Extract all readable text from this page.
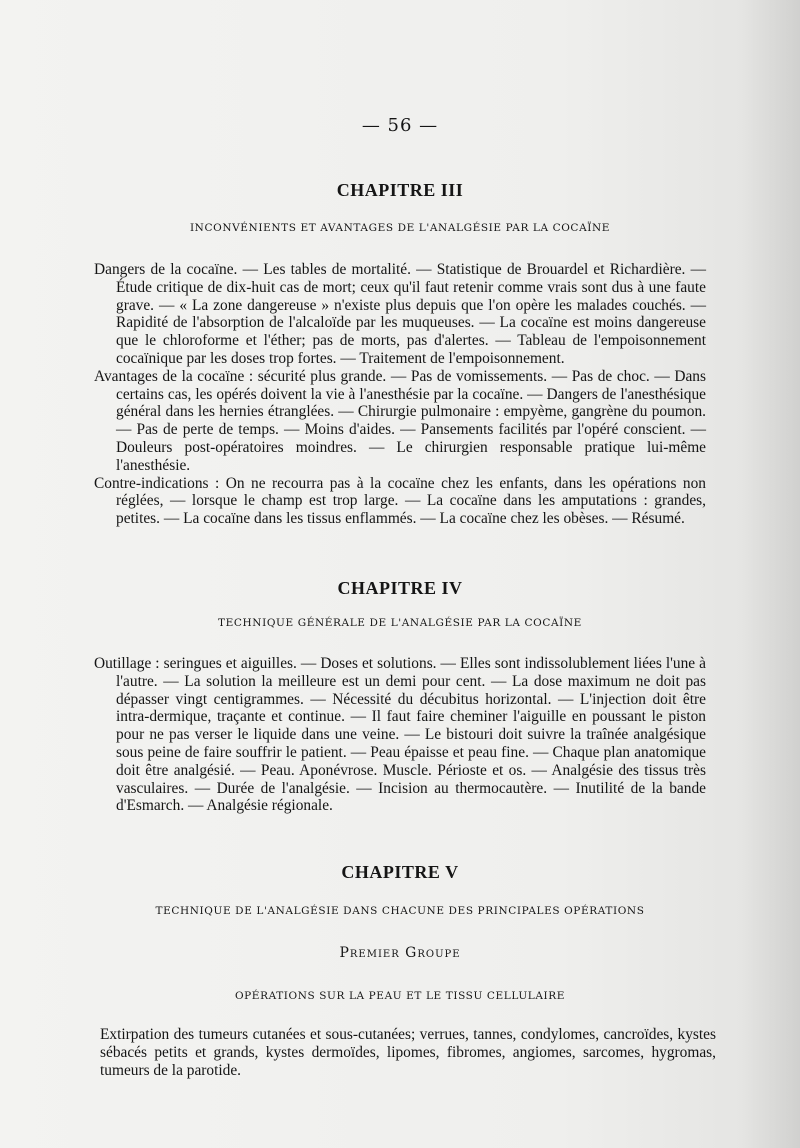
— 56 —
CHAPITRE III
INCONVÉNIENTS ET AVANTAGES DE L'ANALGÉSIE PAR LA COCAÏNE

Dangers de la cocaïne. — Les tables de mortalité. — Statistique de Brouardel et Richardière. — Étude critique de dix-huit cas de mort; ceux qu'il faut retenir comme vrais sont dus à une faute grave. — « La zone dangereuse » n'existe plus depuis que l'on opère les malades couchés. — Rapidité de l'absorption de l'alcaloïde par les muqueuses. — La cocaïne est moins dangereuse que le chloroforme et l'éther; pas de morts, pas d'alertes. — Tableau de l'empoisonnement cocaïnique par les doses trop fortes. — Traitement de l'empoisonnement.

Avantages de la cocaïne : sécurité plus grande. — Pas de vomissements. — Pas de choc. — Dans certains cas, les opérés doivent la vie à l'anesthésie par la cocaïne. — Dangers de l'anesthésique général dans les hernies étranglées. — Chirurgie pulmonaire : empyème, gangrène du poumon. — Pas de perte de temps. — Moins d'aides. — Pansements facilités par l'opéré conscient. — Douleurs post-opératoires moindres. — Le chirurgien responsable pratique lui-même l'anesthésie.

Contre-indications : On ne recourra pas à la cocaïne chez les enfants, dans les opérations non réglées, — lorsque le champ est trop large. — La cocaïne dans les amputations : grandes, petites. — La cocaïne dans les tissus enflammés. — La cocaïne chez les obèses. — Résumé.

CHAPITRE IV
TECHNIQUE GÉNÉRALE DE L'ANALGÉSIE PAR LA COCAÏNE

Outillage : seringues et aiguilles. — Doses et solutions. — Elles sont indissolublement liées l'une à l'autre. — La solution la meilleure est un demi pour cent. — La dose maximum ne doit pas dépasser vingt centigrammes. — Nécessité du décubitus horizontal. — L'injection doit être intra-dermique, traçante et continue. — Il faut faire cheminer l'aiguille en poussant le piston pour ne pas verser le liquide dans une veine. — Le bistouri doit suivre la traînée analgésique sous peine de faire souffrir le patient. — Peau épaisse et peau fine. — Chaque plan anatomique doit être analgésié. — Peau. Aponévrose. Muscle. Périoste et os. — Analgésie des tissus très vasculaires. — Durée de l'analgésie. — Incision au thermocautère. — Inutilité de la bande d'Esmarch. — Analgésie régionale.

CHAPITRE V
TECHNIQUE DE L'ANALGÉSIE DANS CHACUNE DES PRINCIPALES OPÉRATIONS
Premier Groupe
OPÉRATIONS SUR LA PEAU ET LE TISSU CELLULAIRE

Extirpation des tumeurs cutanées et sous-cutanées; verrues, tannes, condylomes, cancroïdes, kystes sébacés petits et grands, kystes dermoïdes, lipomes, fibromes, angiomes, sarcomes, hygromas, tumeurs de la parotide.
